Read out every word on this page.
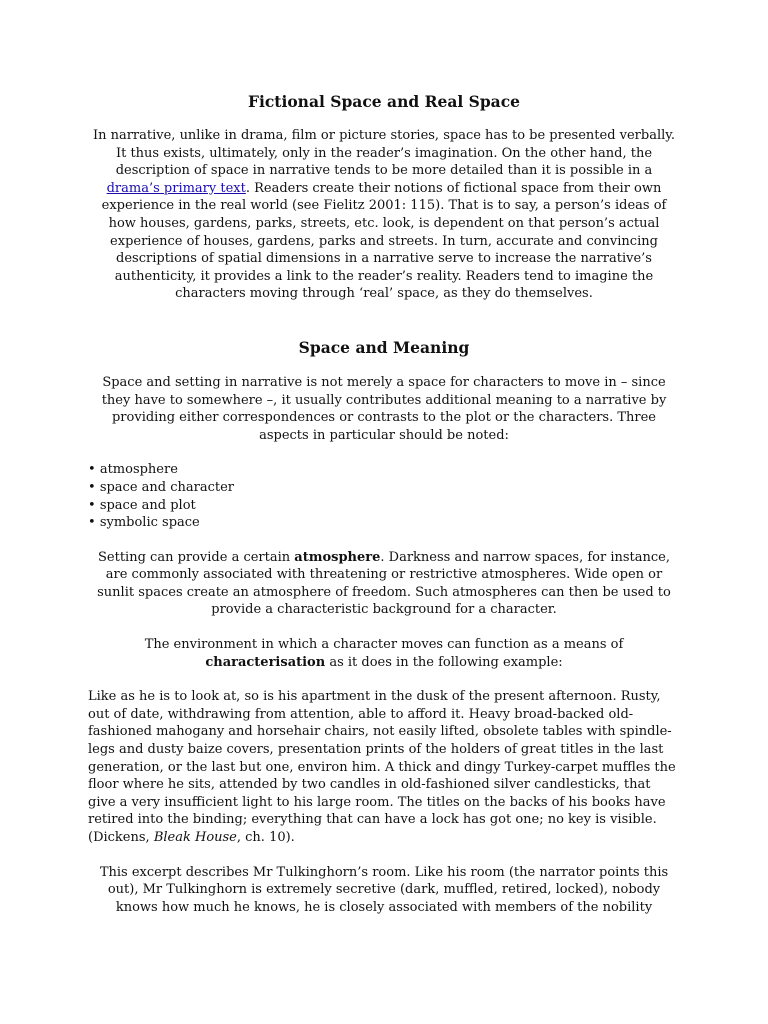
Fictional Space and Real Space

In narrative, unlike in drama, film or picture stories, space has to be presented verbally. It thus exists, ultimately, only in the reader’s imagination. On the other hand, the description of space in narrative tends to be more detailed than it is possible in a drama’s primary text. Readers create their notions of fictional space from their own experience in the real world (see Fielitz 2001: 115). That is to say, a person’s ideas of how houses, gardens, parks, streets, etc. look, is dependent on that person’s actual experience of houses, gardens, parks and streets. In turn, accurate and convincing descriptions of spatial dimensions in a narrative serve to increase the narrative’s authenticity, it provides a link to the reader’s reality. Readers tend to imagine the characters moving through ‘real’ space, as they do themselves.

Space and Meaning

Space and setting in narrative is not merely a space for characters to move in – since they have to somewhere –, it usually contributes additional meaning to a narrative by providing either correspondences or contrasts to the plot or the characters. Three aspects in particular should be noted:

• atmosphere
• space and character
• space and plot
• symbolic space

Setting can provide a certain atmosphere. Darkness and narrow spaces, for instance, are commonly associated with threatening or restrictive atmospheres. Wide open or sunlit spaces create an atmosphere of freedom. Such atmospheres can then be used to provide a characteristic background for a character.

The environment in which a character moves can function as a means of characterisation as it does in the following example:

Like as he is to look at, so is his apartment in the dusk of the present afternoon. Rusty, out of date, withdrawing from attention, able to afford it. Heavy broad-backed old-fashioned mahogany and horsehair chairs, not easily lifted, obsolete tables with spindle-legs and dusty baize covers, presentation prints of the holders of great titles in the last generation, or the last but one, environ him. A thick and dingy Turkey-carpet muffles the floor where he sits, attended by two candles in old-fashioned silver candlesticks, that give a very insufficient light to his large room. The titles on the backs of his books have retired into the binding; everything that can have a lock has got one; no key is visible. (Dickens, Bleak House, ch. 10).

This excerpt describes Mr Tulkinghorn’s room. Like his room (the narrator points this out), Mr Tulkinghorn is extremely secretive (dark, muffled, retired, locked), nobody knows how much he knows, he is closely associated with members of the nobility
